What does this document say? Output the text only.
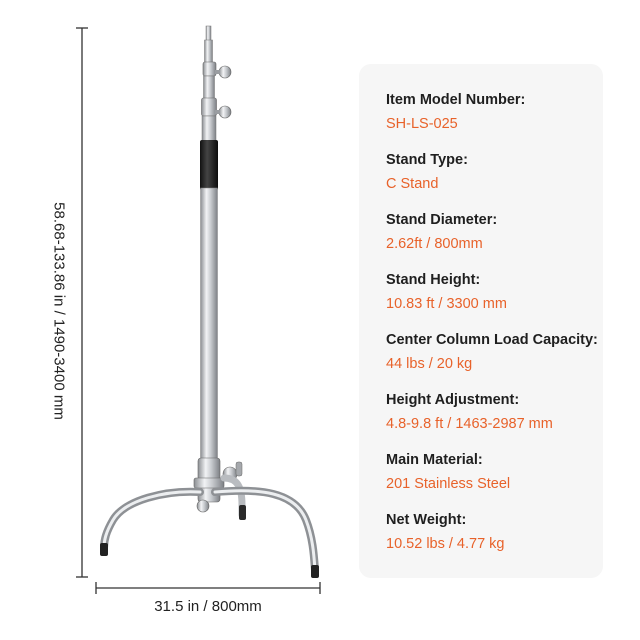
58.68-133.86 in / 1490-3400 mm
31.5 in / 800mm
Item Model Number:
SH-LS-025
Stand Type:
C Stand
Stand Diameter:
2.62ft / 800mm
Stand Height:
10.83 ft / 3300 mm
Center Column Load Capacity:
44 lbs / 20 kg
Height Adjustment:
4.8-9.8 ft / 1463-2987 mm
Main Material:
201 Stainless Steel
Net Weight:
10.52 lbs / 4.77 kg
